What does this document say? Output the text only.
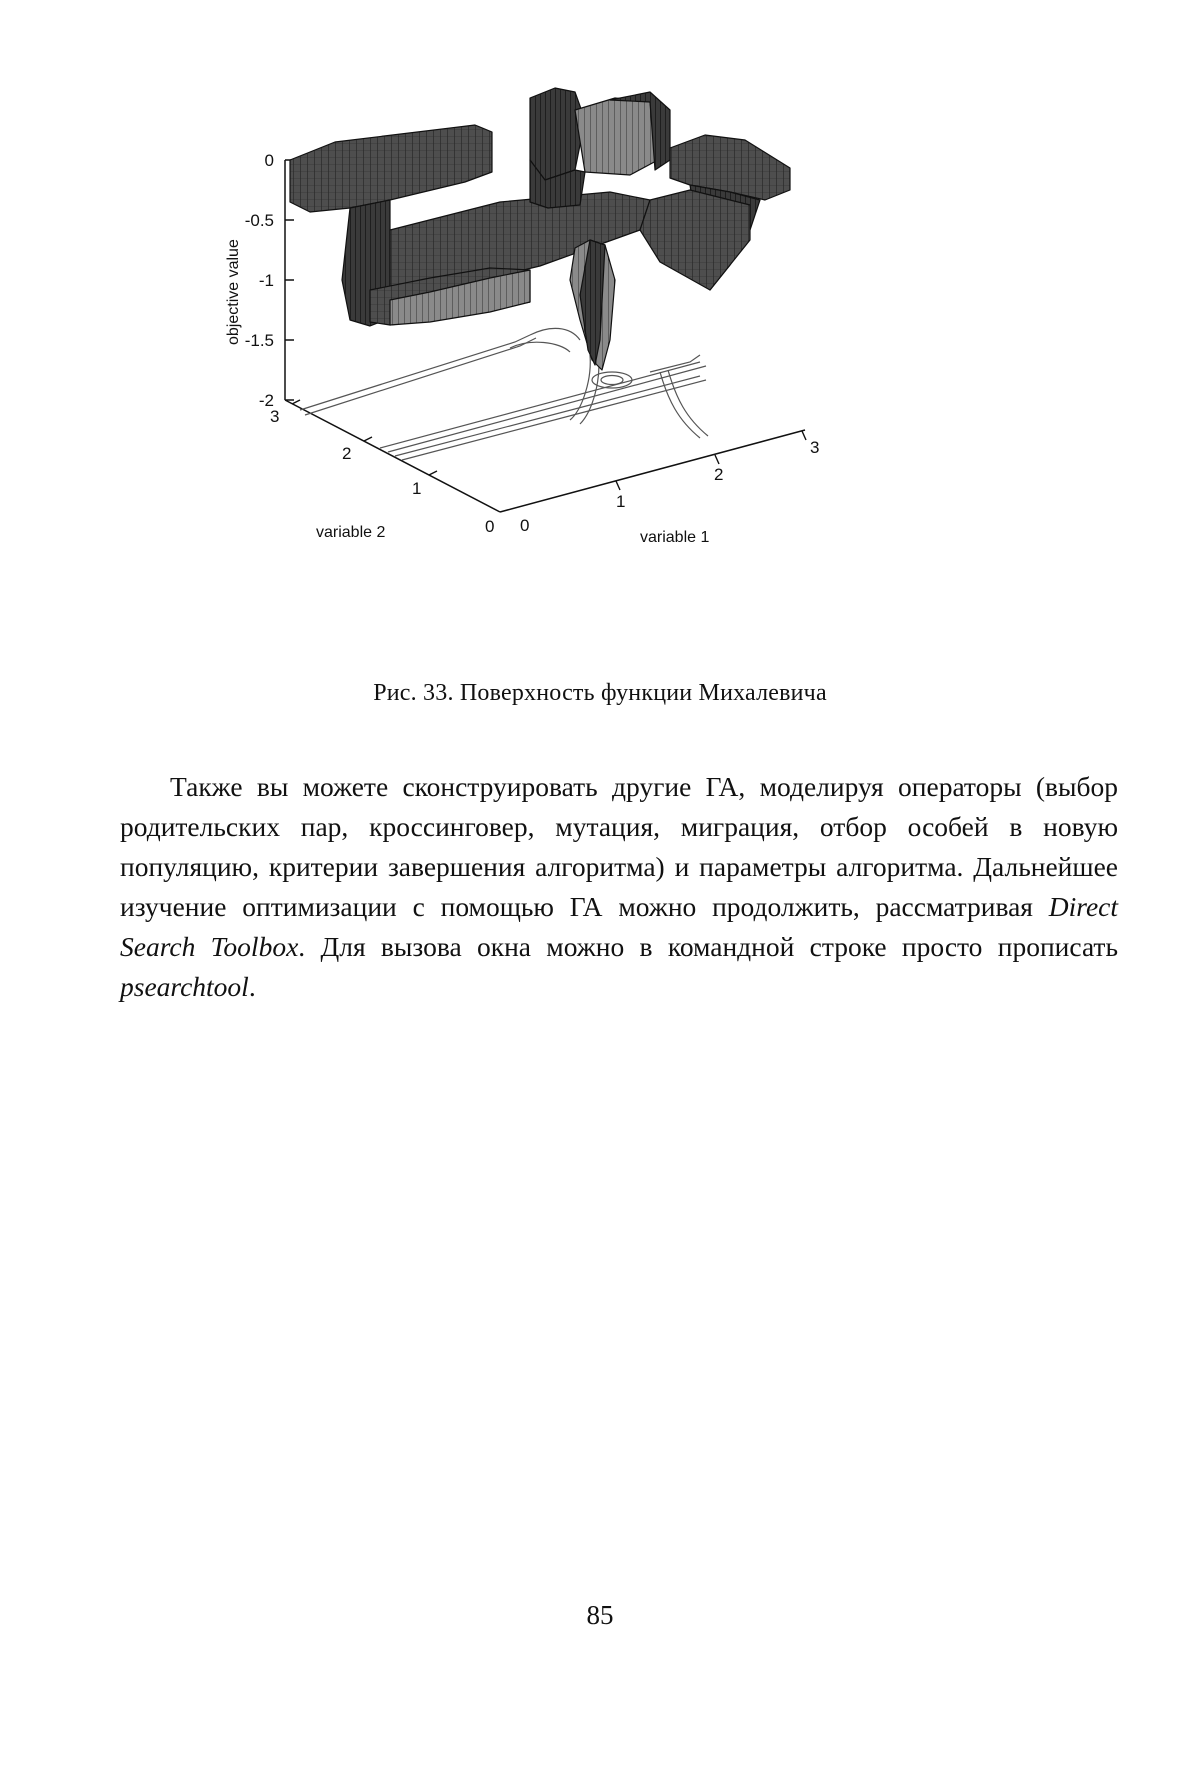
0
-0.5
-1
-1.5
-2
objective value
3
2
1
0
variable 2	0
1
2
3
variable 1
Рис. 33. Поверхность функции Михалевича

Также вы можете сконструировать другие ГА, моделируя операторы (выбор родительских пар, кроссинговер, мутация, миграция, отбор особей в новую популяцию, критерии завершения алгоритма) и параметры алгоритма. Дальнейшее изучение оптимизации с помощью ГА можно продолжить, рассматривая Direct Search Toolbox. Для вызова окна можно в командной строке просто прописать psearchtool.

85
